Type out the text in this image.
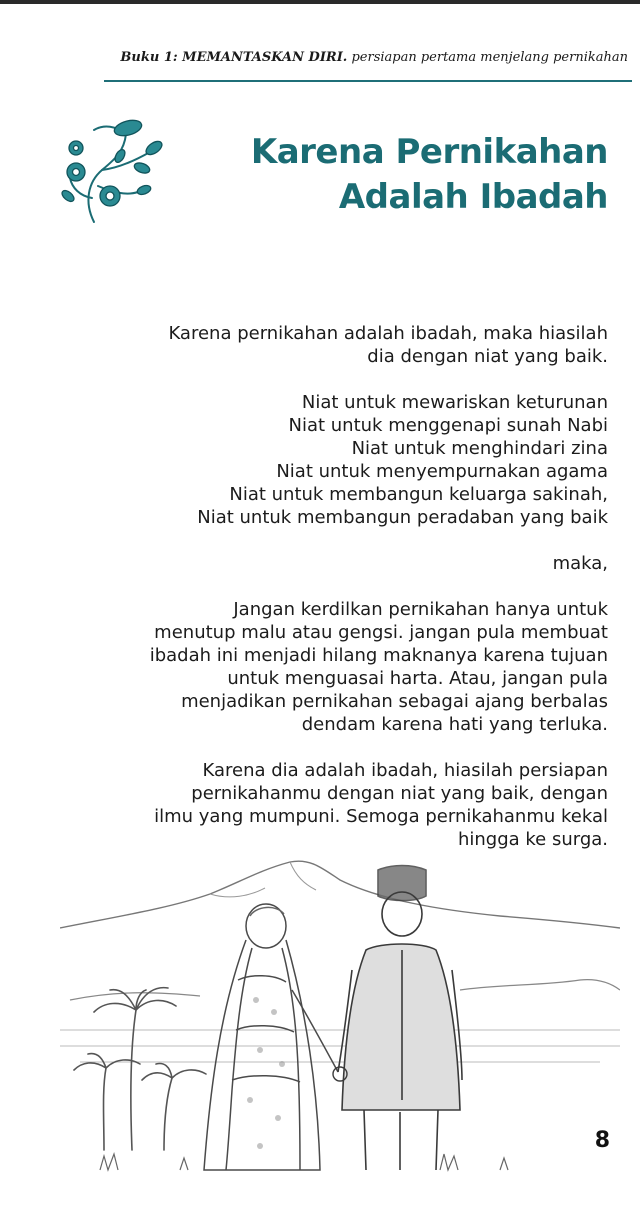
Buku 1: MEMANTASKAN DIRI. persiapan pertama menjelang pernikahan
Karena Pernikahan
Adalah Ibadah
Karena pernikahan adalah ibadah, maka hiasilah
dia dengan niat yang baik.
Niat untuk mewariskan keturunan
Niat untuk menggenapi sunah Nabi
Niat untuk menghindari zina
Niat untuk menyempurnakan agama
Niat untuk membangun keluarga sakinah,
Niat untuk membangun peradaban yang baik
maka,
Jangan kerdilkan pernikahan hanya untuk
menutup malu atau gengsi. jangan pula membuat
ibadah ini menjadi hilang maknanya karena tujuan
untuk menguasai harta. Atau, jangan pula
menjadikan pernikahan sebagai ajang berbalas
dendam karena hati yang terluka.
Karena dia adalah ibadah, hiasilah persiapan
pernikahanmu dengan niat yang baik, dengan
ilmu yang mumpuni. Semoga pernikahanmu kekal
hingga ke surga.
8
